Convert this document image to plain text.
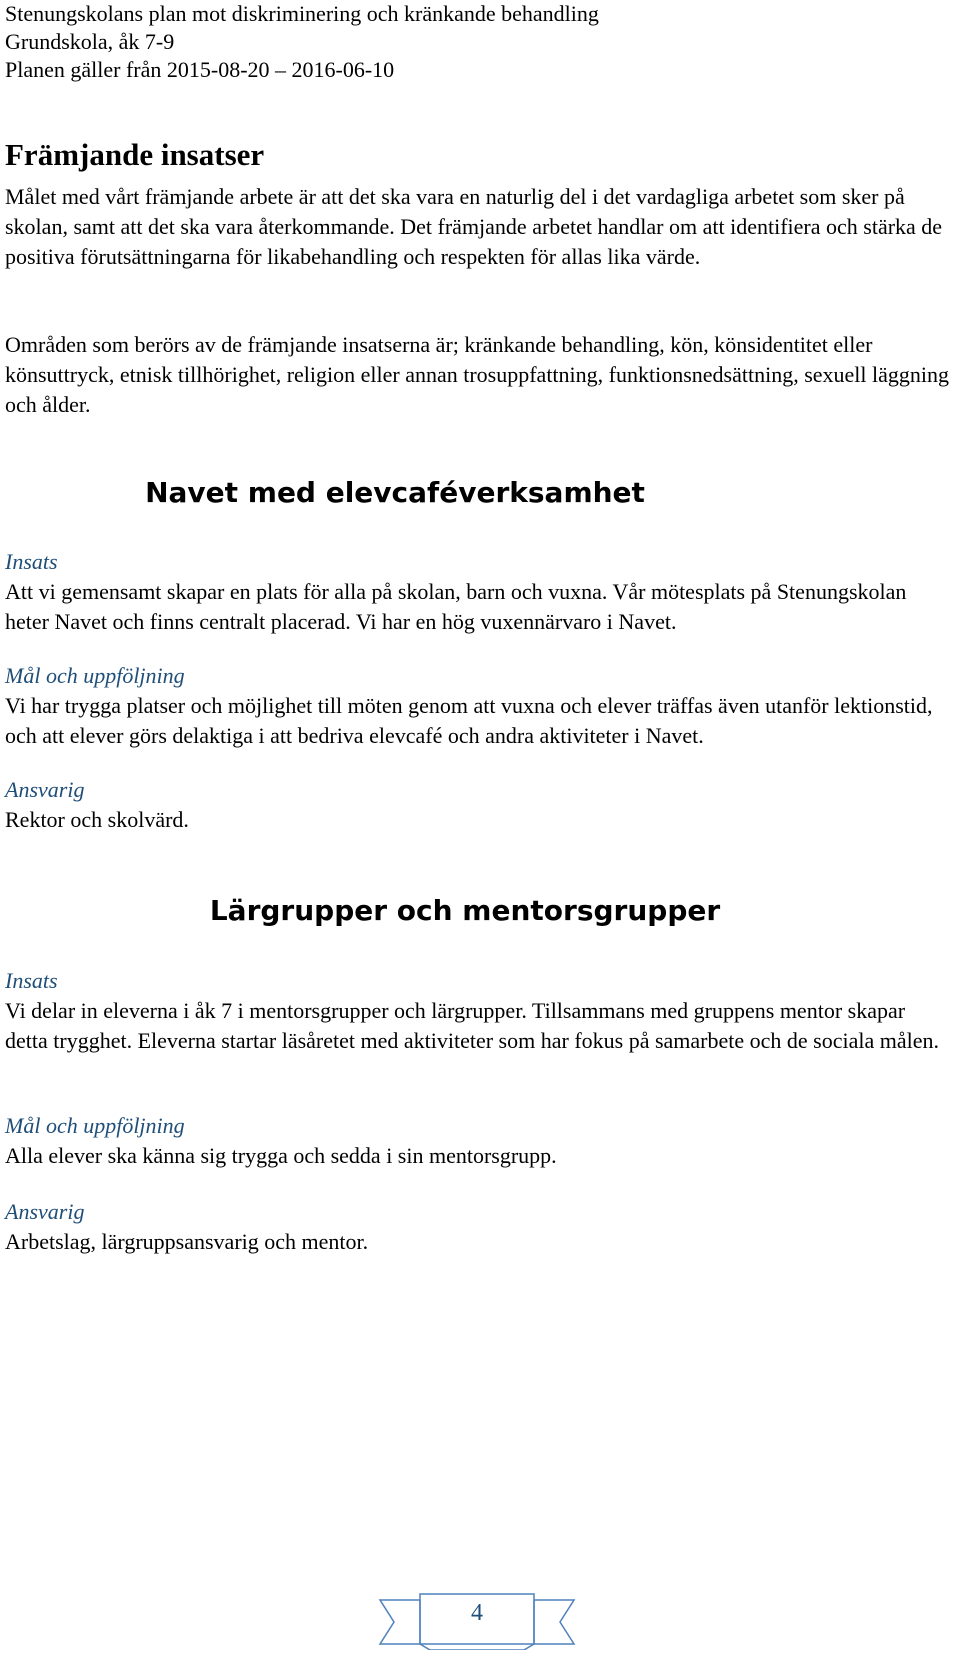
Stenungskolans plan mot diskriminering och kränkande behandling

Grundskola, åk 7-9

Planen gäller från 2015-08-20 – 2016-06-10

Främjande insatser

Målet med vårt främjande arbete är att det ska vara en naturlig del i det vardagliga arbetet som sker på skolan, samt att det ska vara återkommande. Det främjande arbetet handlar om att identifiera och stärka de positiva förutsättningarna för likabehandling och respekten för allas lika värde.

Områden som berörs av de främjande insatserna är; kränkande behandling, kön, könsidentitet eller könsuttryck, etnisk tillhörighet, religion eller annan trosuppfattning, funktionsnedsättning, sexuell läggning och ålder.

Navet med elevcaféverksamhet

Insats

Att vi gemensamt skapar en plats för alla på skolan, barn och vuxna. Vår mötesplats på Stenungskolan heter Navet och finns centralt placerad. Vi har en hög vuxennärvaro i Navet.

Mål och uppföljning

Vi har trygga platser och möjlighet till möten genom att vuxna och elever träffas även utanför lektionstid, och att elever görs delaktiga i att bedriva elevcafé och andra aktiviteter i Navet.

Ansvarig

Rektor och skolvärd.

Lärgrupper och mentorsgrupper

Insats

Vi delar in eleverna i åk 7 i mentorsgrupper och lärgrupper. Tillsammans med gruppens mentor skapar detta trygghet. Eleverna startar läsåretet med aktiviteter som har fokus på samarbete och de sociala målen.

Mål och uppföljning

Alla elever ska känna sig trygga och sedda i sin mentorsgrupp.

Ansvarig

Arbetslag, lärgruppsansvarig och mentor.

4
